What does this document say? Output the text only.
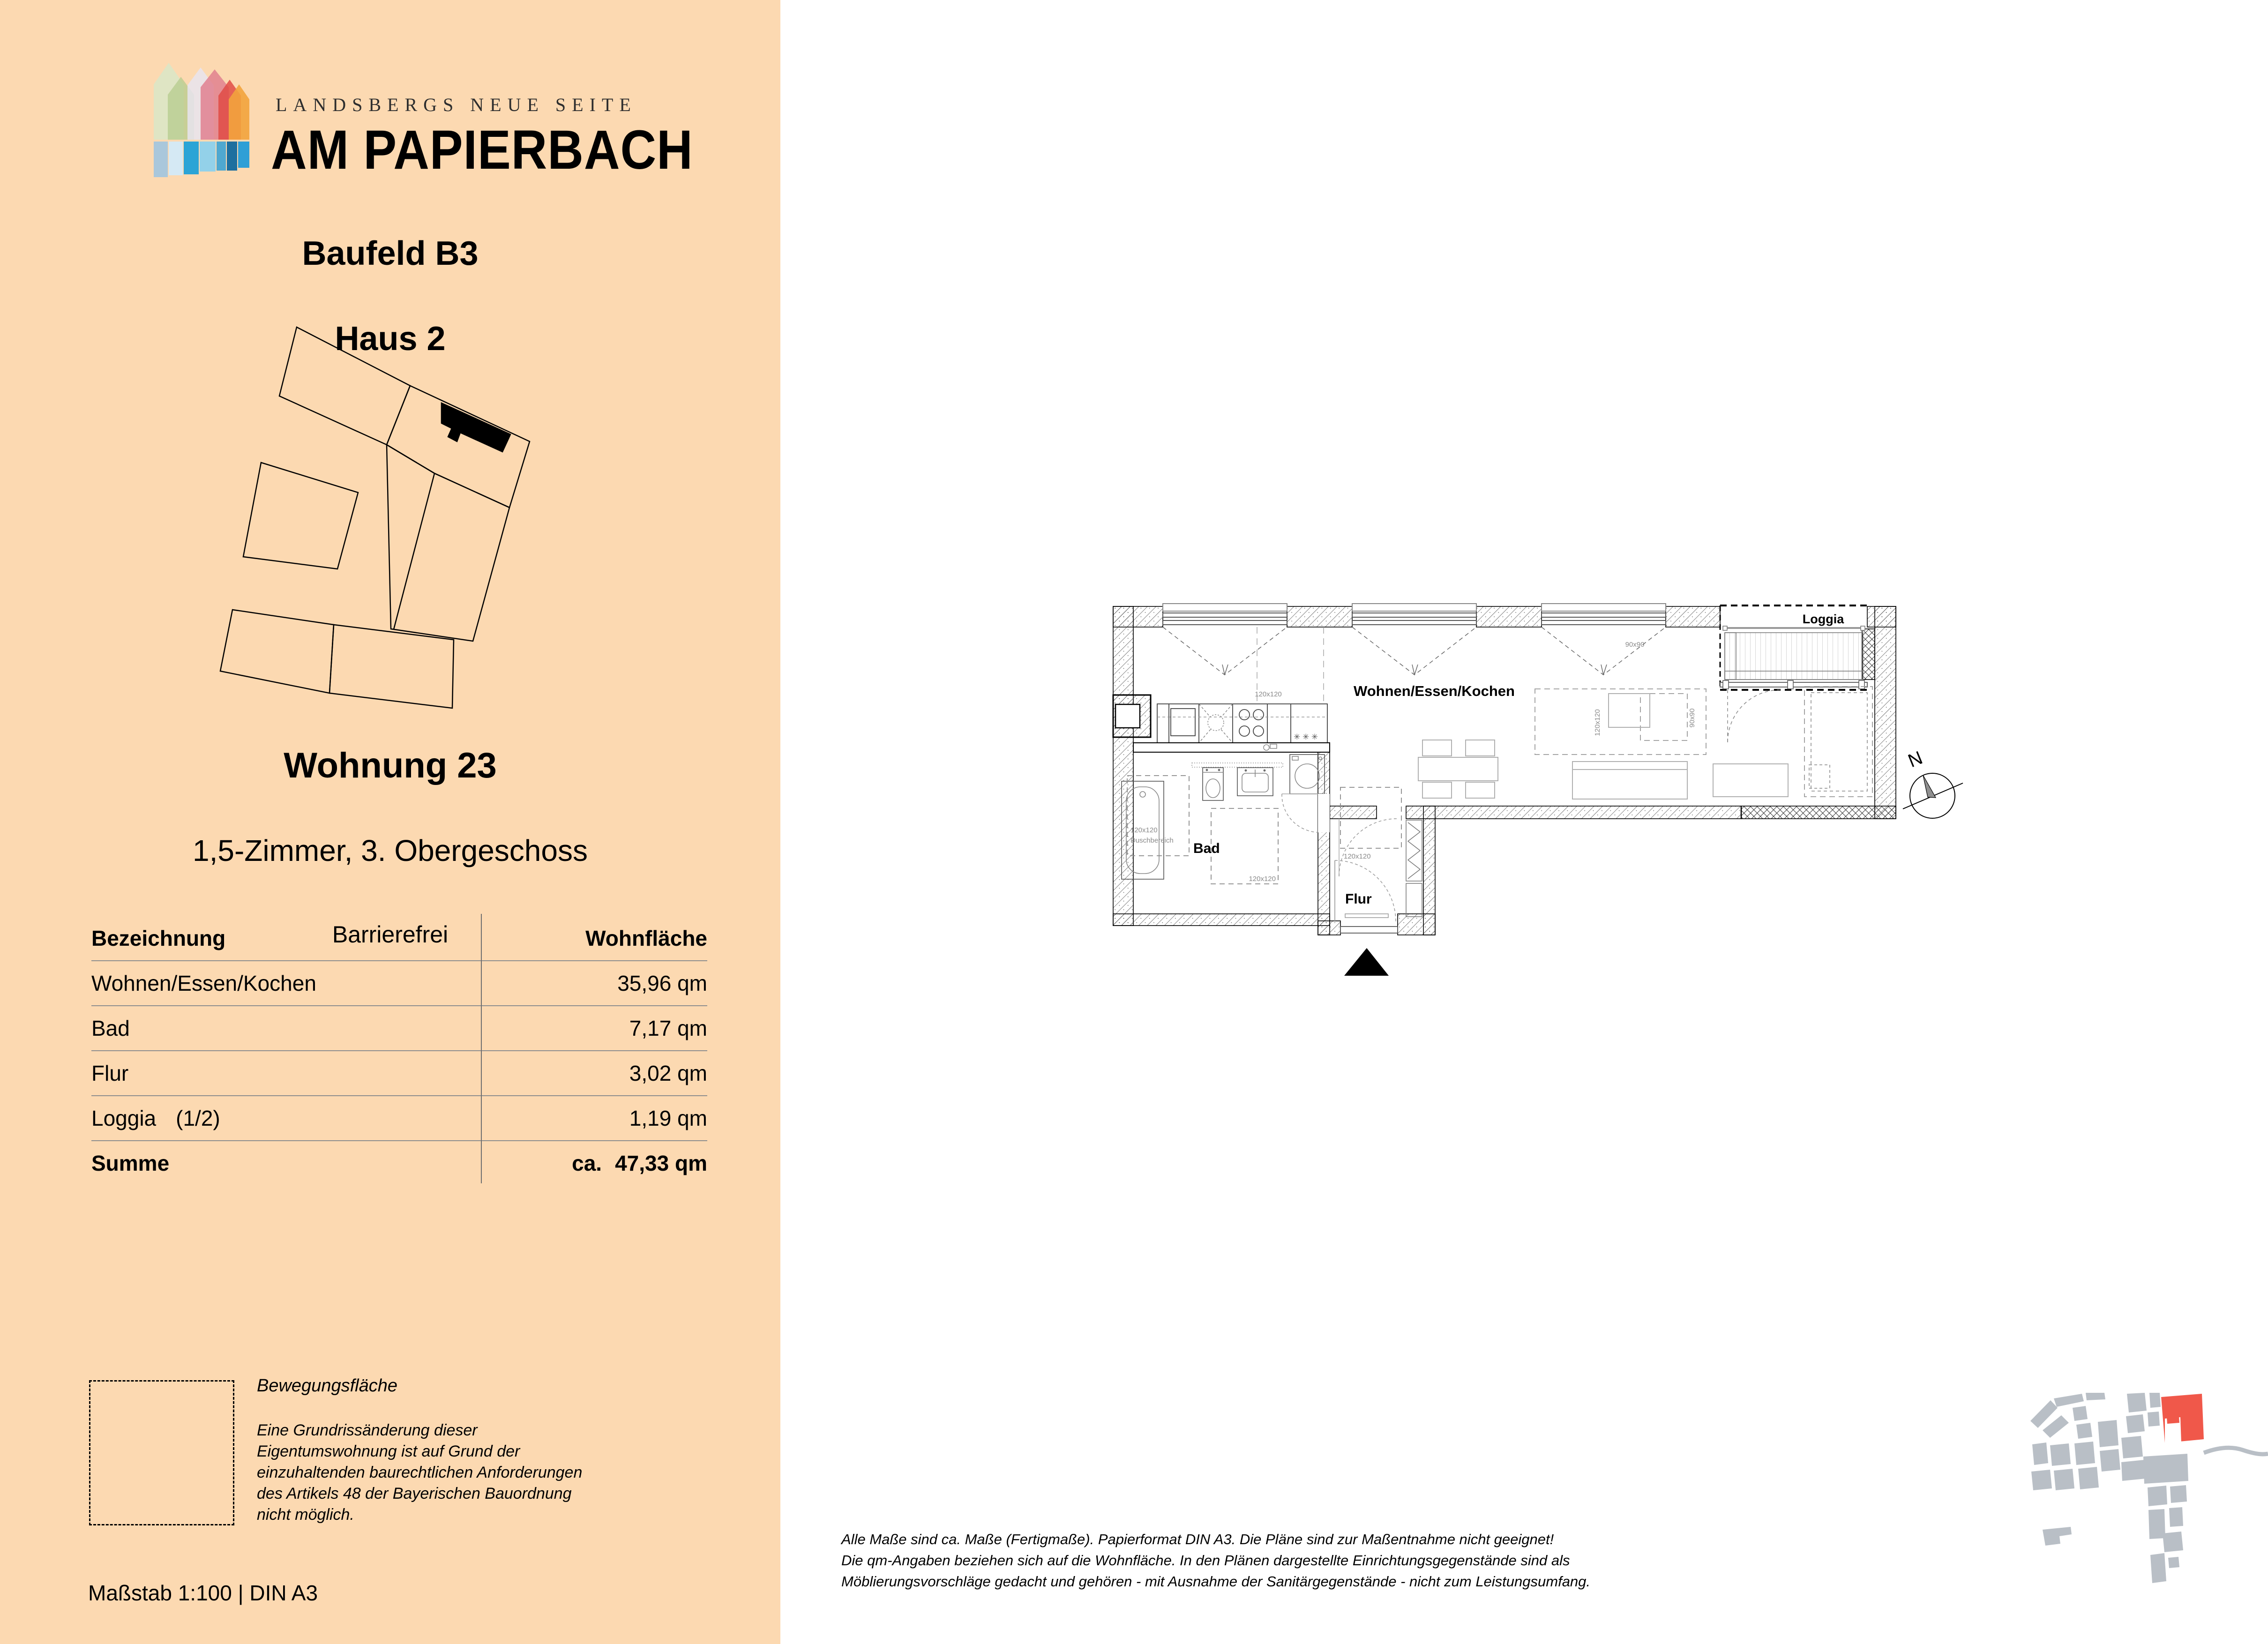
LANDSBERGS NEUE SEITE
AM PAPIERBACH
Baufeld B3
Haus 2
Wohnung 23
1,5-Zimmer, 3. Obergeschoss
Barrierefrei
Bezeichnung	Wohnfläche
Wohnen/Essen/Kochen	35,96 qm
Bad	7,17 qm
Flur	3,02 qm
Loggia (1/2)	1,19 qm
Summe	ca. 47,33 qm
Bewegungsfläche
Eine Grundrissänderung dieser
Eigentumswohnung ist auf Grund der
einzuhaltenden baurechtlichen Anforderungen
des Artikels 48 der Bayerischen Bauordnung
nicht möglich.
Maßstab 1:100 | DIN A3
✳ ✳ ✳
120x120
120x120
Duschbereich
120x120
120x120
120x120	90x90
90x90
Wohnen/Essen/Kochen
Loggia
Bad
Flur
N
Alle Maße sind ca. Maße (Fertigmaße). Papierformat DIN A3. Die Pläne sind zur Maßentnahme nicht geeignet!
Die qm-Angaben beziehen sich auf die Wohnfläche. In den Plänen dargestellte Einrichtungsgegenstände sind als
Möblierungsvorschläge gedacht und gehören - mit Ausnahme der Sanitärgegenstände - nicht zum Leistungsumfang.
